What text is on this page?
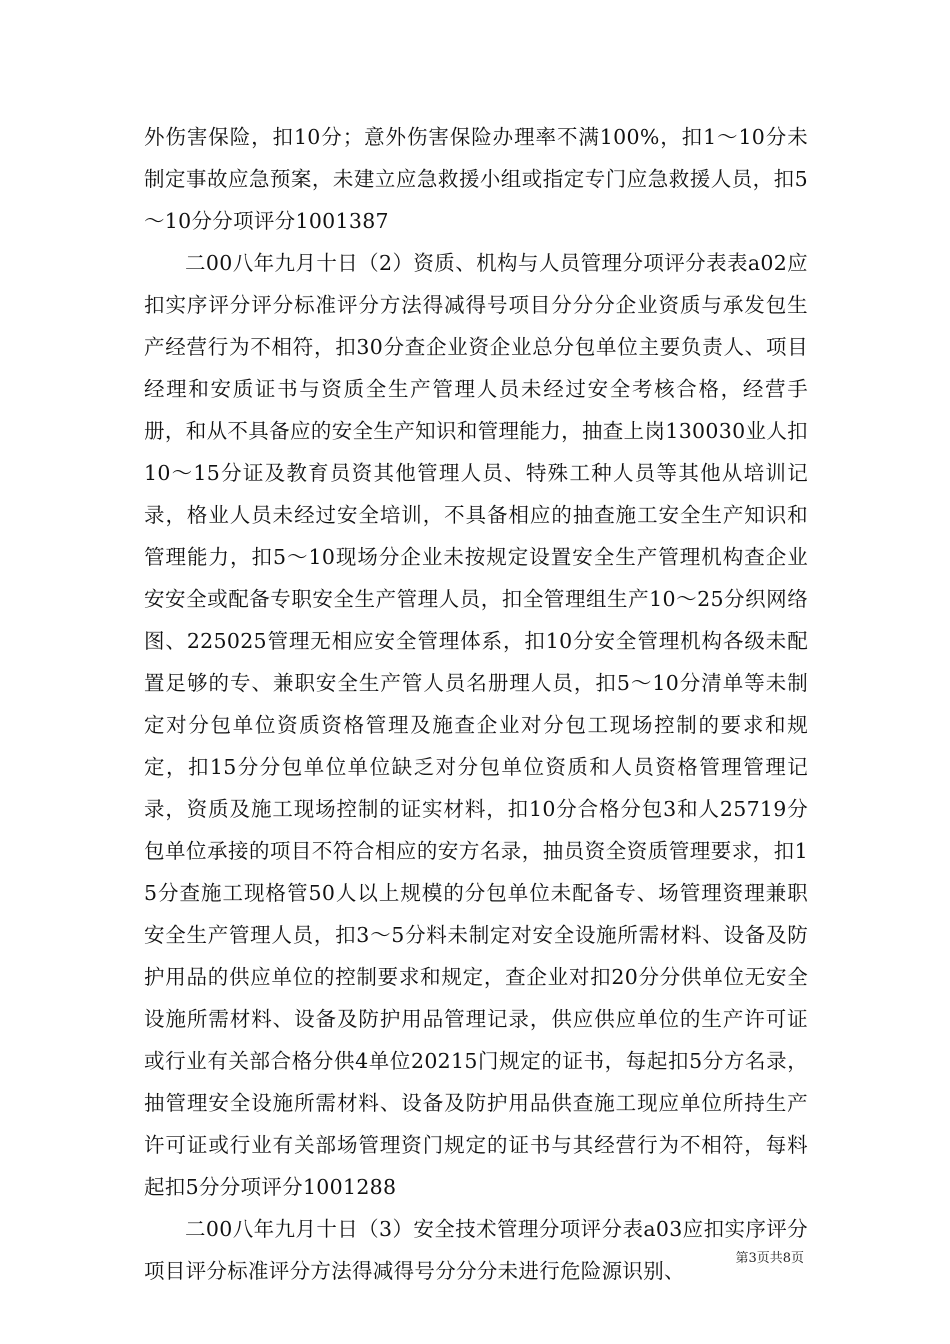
外伤害保险，扣10分；意外伤害保险办理率不满100%，扣1～10分未制定事故应急预案，未建立应急救援小组或指定专门应急救援人员，扣5～10分分项评分1001387

二00八年九月十日（2）资质、机构与人员管理分项评分表表a02应扣实序评分评分标准评分方法得减得号项目分分分企业资质与承发包生产经营行为不相符，扣30分查企业资企业总分包单位主要负责人、项目经理和安质证书与资质全生产管理人员未经过安全考核合格，经营手册，和从不具备应的安全生产知识和管理能力，抽查上岗130030业人扣10～15分证及教育员资其他管理人员、特殊工种人员等其他从培训记录，格业人员未经过安全培训，不具备相应的抽查施工安全生产知识和管理能力，扣5～10现场分企业未按规定设置安全生产管理机构查企业安安全或配备专职安全生产管理人员，扣全管理组生产10～25分织网络图、225025管理无相应安全管理体系，扣10分安全管理机构各级未配置足够的专、兼职安全生产管人员名册理人员，扣5～10分清单等未制定对分包单位资质资格管理及施查企业对分包工现场控制的要求和规定，扣15分分包单位单位缺乏对分包单位资质和人员资格管理管理记录，资质及施工现场控制的证实材料，扣10分合格分包3和人25719分包单位承接的项目不符合相应的安方名录，抽员资全资质管理要求，扣15分查施工现格管50人以上规模的分包单位未配备专、场管理资理兼职安全生产管理人员，扣3～5分料未制定对安全设施所需材料、设备及防护用品的供应单位的控制要求和规定，查企业对扣20分分供单位无安全设施所需材料、设备及防护用品管理记录，供应供应单位的生产许可证或行业有关部合格分供4单位20215门规定的证书，每起扣5分方名录，抽管理安全设施所需材料、设备及防护用品供查施工现应单位所持生产许可证或行业有关部场管理资门规定的证书与其经营行为不相符，每料起扣5分分项评分1001288

二00八年九月十日（3）安全技术管理分项评分表a03应扣实序评分项目评分标准评分方法得减得号分分分未进行危险源识别、

第3页共8页
